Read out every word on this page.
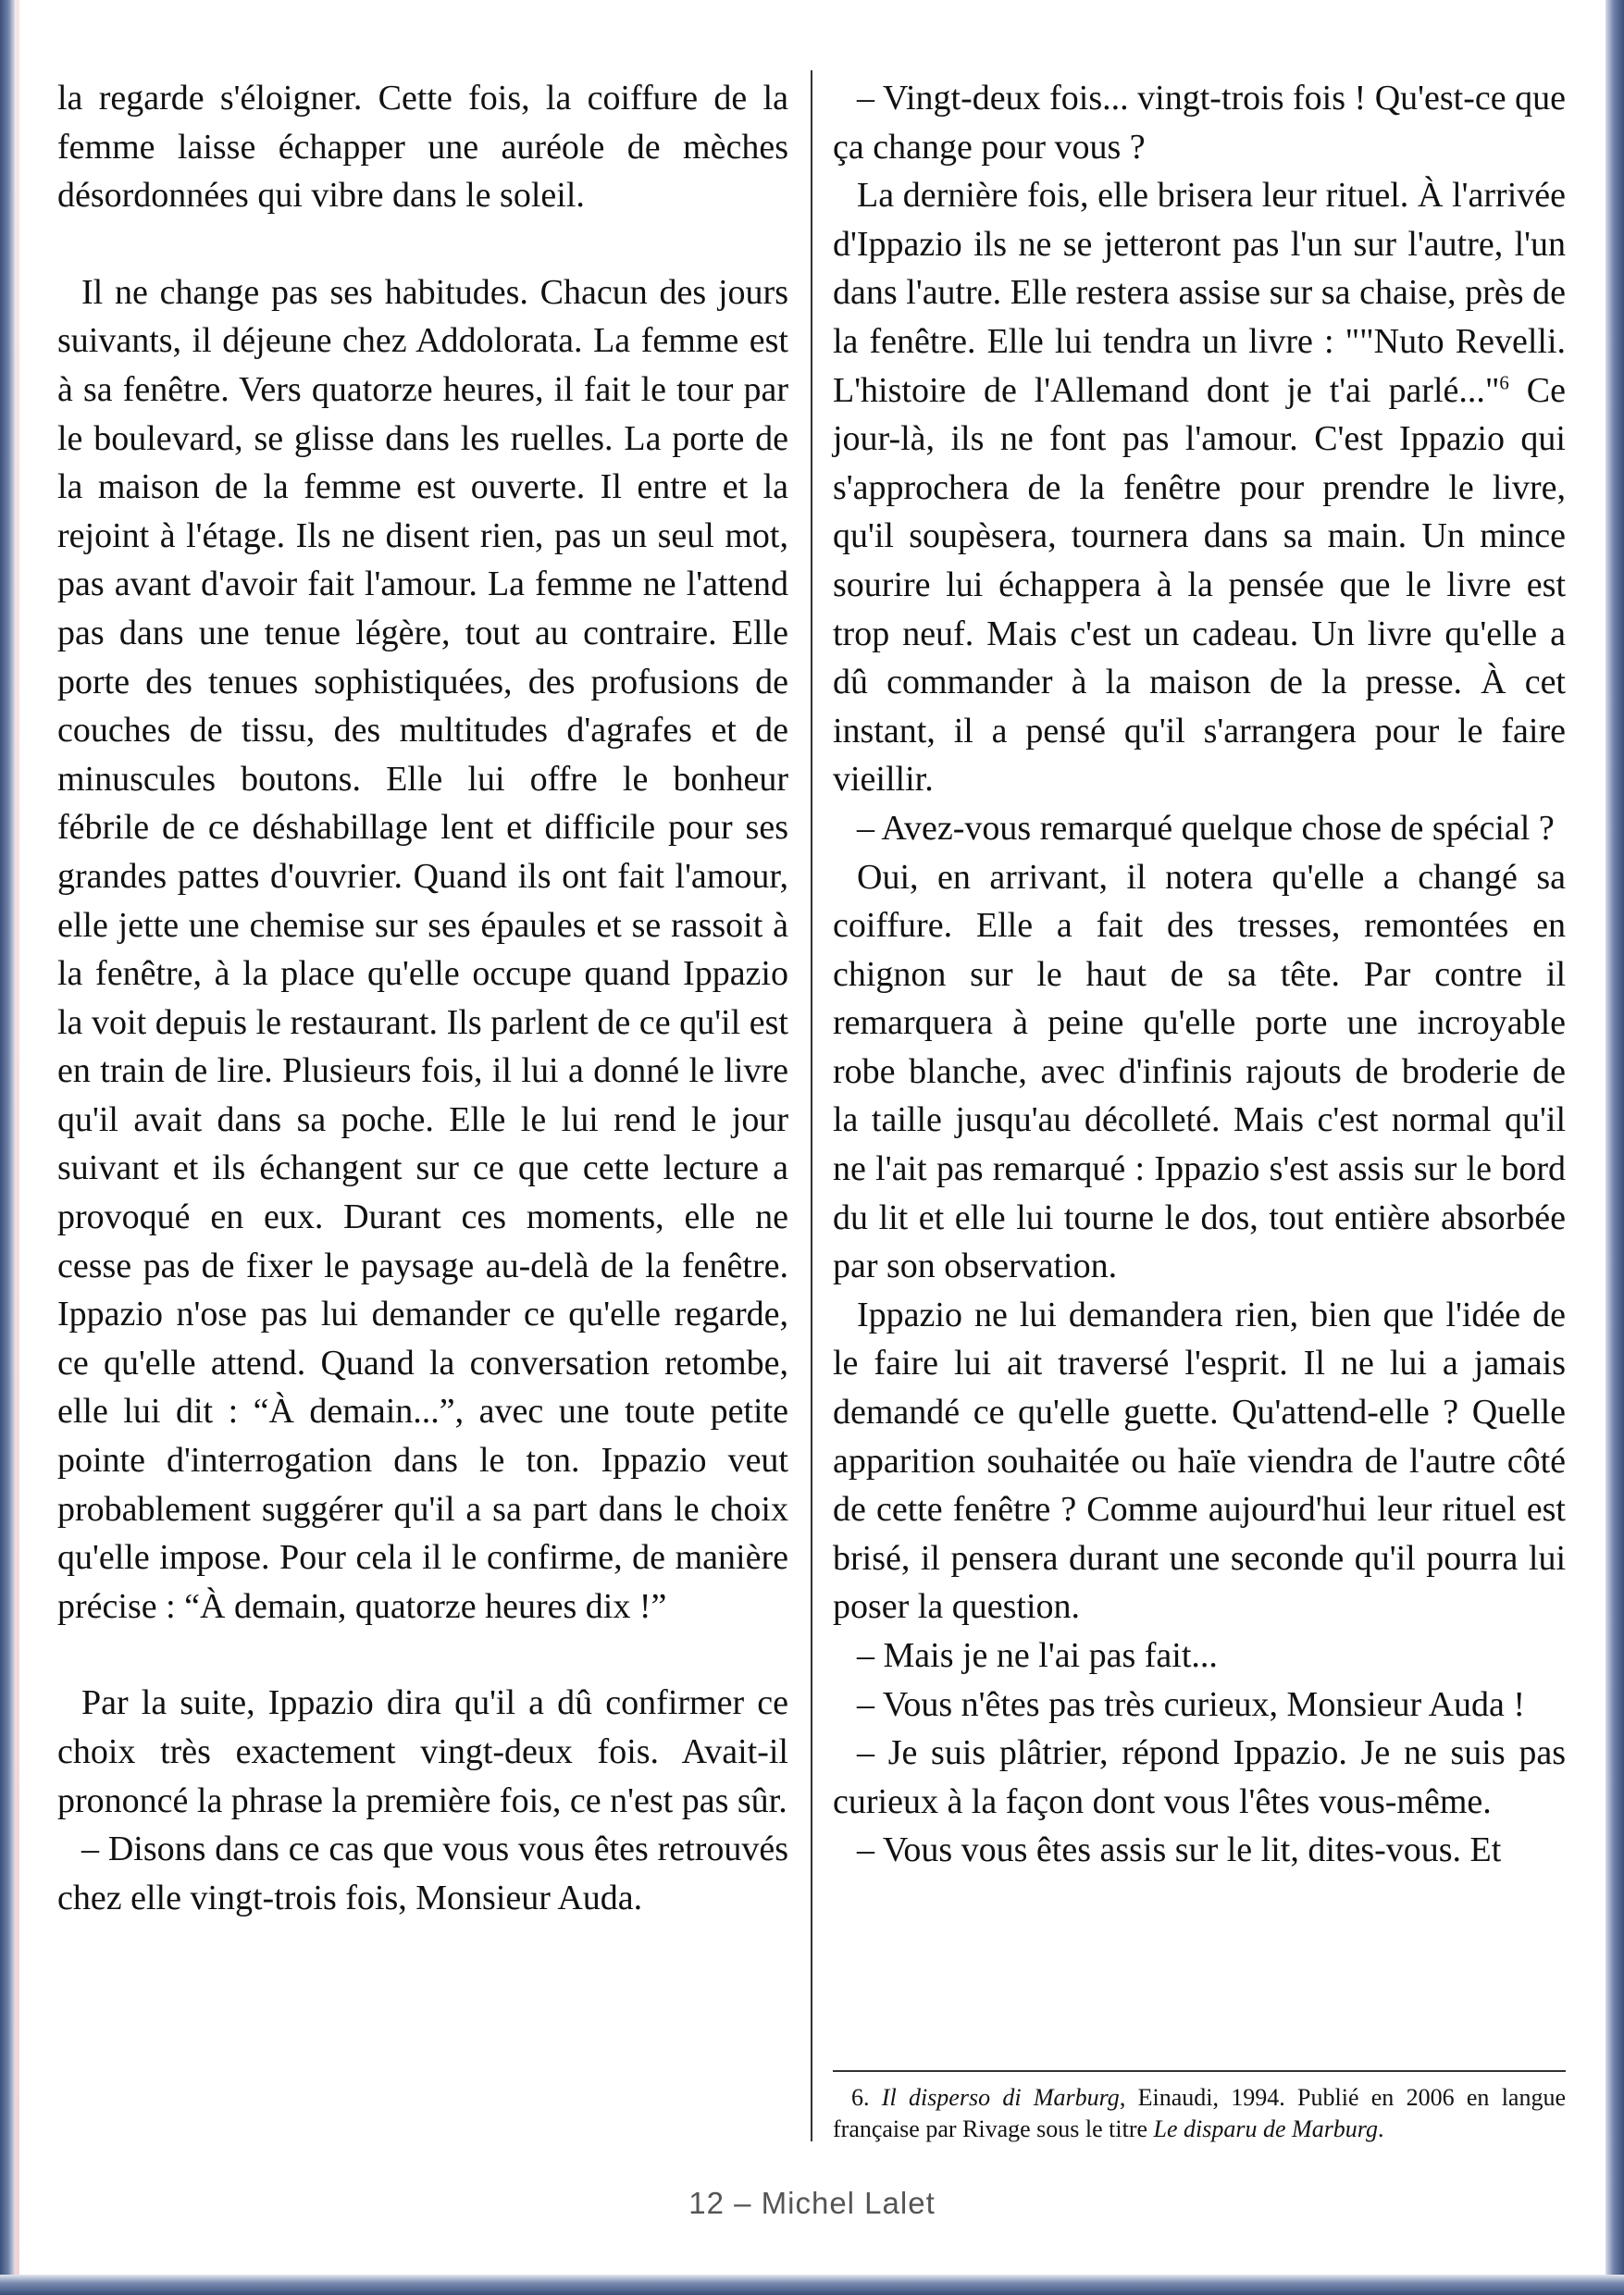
la regarde s'éloigner. Cette fois, la coiffure de la femme laisse échapper une auréole de mèches désordonnées qui vibre dans le soleil.

Il ne change pas ses habitudes. Chacun des jours suivants, il déjeune chez Addolorata. La femme est à sa fenêtre. Vers quatorze heures, il fait le tour par le boulevard, se glisse dans les ruelles. La porte de la maison de la femme est ouverte. Il entre et la rejoint à l'étage. Ils ne disent rien, pas un seul mot, pas avant d'avoir fait l'amour. La femme ne l'attend pas dans une tenue légère, tout au contraire. Elle porte des tenues sophistiquées, des profusions de couches de tissu, des multitudes d'agrafes et de minuscules boutons. Elle lui offre le bonheur fébrile de ce déshabillage lent et difficile pour ses grandes pattes d'ouvrier. Quand ils ont fait l'amour, elle jette une chemise sur ses épaules et se rassoit à la fenêtre, à la place qu'elle occupe quand Ippazio la voit depuis le restaurant. Ils parlent de ce qu'il est en train de lire. Plusieurs fois, il lui a donné le livre qu'il avait dans sa poche. Elle le lui rend le jour suivant et ils échangent sur ce que cette lecture a provoqué en eux. Durant ces moments, elle ne cesse pas de fixer le paysage au-delà de la fenêtre. Ippazio n'ose pas lui demander ce qu'elle regarde, ce qu'elle attend. Quand la conversation retombe, elle lui dit : “À demain...”, avec une toute petite pointe d'interrogation dans le ton. Ippazio veut probablement suggérer qu'il a sa part dans le choix qu'elle impose. Pour cela il le confirme, de manière précise : “À demain, quatorze heures dix !”

Par la suite, Ippazio dira qu'il a dû confirmer ce choix très exactement vingt-deux fois. Avait-il prononcé la phrase la première fois, ce n'est pas sûr.

– Disons dans ce cas que vous vous êtes retrouvés chez elle vingt-trois fois, Monsieur Auda.

– Vingt-deux fois... vingt-trois fois ! Qu'est-ce que ça change pour vous ?

La dernière fois, elle brisera leur rituel. À l'arrivée d'Ippazio ils ne se jetteront pas l'un sur l'autre, l'un dans l'autre. Elle restera assise sur sa chaise, près de la fenêtre. Elle lui tendra un livre : ""Nuto Revelli. L'histoire de l'Allemand dont je t'ai parlé..."$^6$ Ce jour-là, ils ne font pas l'amour. C'est Ippazio qui s'approchera de la fenêtre pour prendre le livre, qu'il soupèsera, tournera dans sa main. Un mince sourire lui échappera à la pensée que le livre est trop neuf. Mais c'est un cadeau. Un livre qu'elle a dû commander à la maison de la presse. À cet instant, il a pensé qu'il s'arrangera pour le faire vieillir.

– Avez-vous remarqué quelque chose de spécial ?

Oui, en arrivant, il notera qu'elle a changé sa coiffure. Elle a fait des tresses, remontées en chignon sur le haut de sa tête. Par contre il remarquera à peine qu'elle porte une incroyable robe blanche, avec d'infinis rajouts de broderie de la taille jusqu'au décolleté. Mais c'est normal qu'il ne l'ait pas remarqué : Ippazio s'est assis sur le bord du lit et elle lui tourne le dos, tout entière absorbée par son observation.

Ippazio ne lui demandera rien, bien que l'idée de le faire lui ait traversé l'esprit. Il ne lui a jamais demandé ce qu'elle guette. Qu'attend-elle ? Quelle apparition souhaitée ou haïe viendra de l'autre côté de cette fenêtre ? Comme aujourd'hui leur rituel est brisé, il pensera durant une seconde qu'il pourra lui poser la question.

– Mais je ne l'ai pas fait...

– Vous n'êtes pas très curieux, Monsieur Auda !

– Je suis plâtrier, répond Ippazio. Je ne suis pas curieux à la façon dont vous l'êtes vous-même.

– Vous vous êtes assis sur le lit, dites-vous. Et

6. Il disperso di Marburg, Einaudi, 1994. Publié en 2006 en langue française par Rivage sous le titre Le disparu de Marburg.
12 – Michel Lalet
